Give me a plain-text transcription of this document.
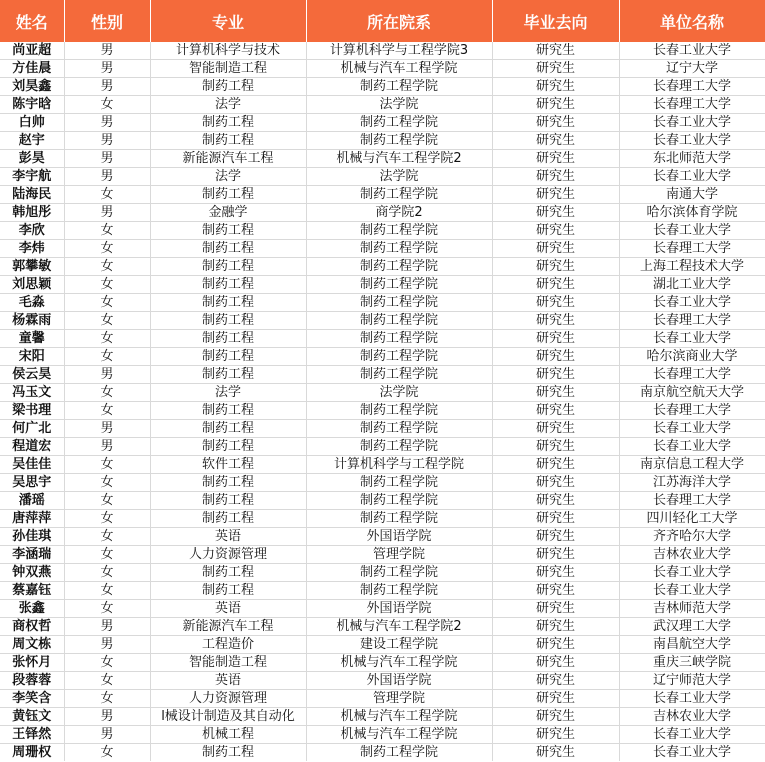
姓名	性别	专业	所在院系	毕业去向	单位名称
尚亚超	男	计算机科学与技术	计算机科学与工程学院3	研究生	长春工业大学
方佳晨	男	智能制造工程	机械与汽车工程学院	研究生	辽宁大学
刘昊鑫	男	制药工程	制药工程学院	研究生	长春理工大学
陈宇晗	女	法学	法学院	研究生	长春理工大学
白帅	男	制药工程	制药工程学院	研究生	长春工业大学
赵宇	男	制药工程	制药工程学院	研究生	长春工业大学
彭昊	男	新能源汽车工程	机械与汽车工程学院2	研究生	东北师范大学
李宇航	男	法学	法学院	研究生	长春工业大学
陆海民	女	制药工程	制药工程学院	研究生	南通大学
韩旭彤	男	金融学	商学院2	研究生	哈尔滨体育学院
李欣	女	制药工程	制药工程学院	研究生	长春工业大学
李炜	女	制药工程	制药工程学院	研究生	长春理工大学
郭攀敏	女	制药工程	制药工程学院	研究生	上海工程技术大学
刘思颖	女	制药工程	制药工程学院	研究生	湖北工业大学
毛淼	女	制药工程	制药工程学院	研究生	长春工业大学
杨霖雨	女	制药工程	制药工程学院	研究生	长春理工大学
童馨	女	制药工程	制药工程学院	研究生	长春工业大学
宋阳	女	制药工程	制药工程学院	研究生	哈尔滨商业大学
侯云昊	男	制药工程	制药工程学院	研究生	长春理工大学
冯玉文	女	法学	法学院	研究生	南京航空航天大学
梁书理	女	制药工程	制药工程学院	研究生	长春理工大学
何广北	男	制药工程	制药工程学院	研究生	长春工业大学
程道宏	男	制药工程	制药工程学院	研究生	长春工业大学
吴佳佳	女	软件工程	计算机科学与工程学院	研究生	南京信息工程大学
吴思宇	女	制药工程	制药工程学院	研究生	江苏海洋大学
潘瑶	女	制药工程	制药工程学院	研究生	长春理工大学
唐萍萍	女	制药工程	制药工程学院	研究生	四川轻化工大学
孙佳琪	女	英语	外国语学院	研究生	齐齐哈尔大学
李涵瑞	女	人力资源管理	管理学院	研究生	吉林农业大学
钟双燕	女	制药工程	制药工程学院	研究生	长春工业大学
蔡嘉钰	女	制药工程	制药工程学院	研究生	长春工业大学
张鑫	女	英语	外国语学院	研究生	吉林师范大学
商权哲	男	新能源汽车工程	机械与汽车工程学院2	研究生	武汉理工大学
周文栋	男	工程造价	建设工程学院	研究生	南昌航空大学
张怀月	女	智能制造工程	机械与汽车工程学院	研究生	重庆三峡学院
段蓉蓉	女	英语	外国语学院	研究生	辽宁师范大学
李笑含	女	人力资源管理	管理学院	研究生	长春工业大学
黄钰文	男	l械设计制造及其自动化	机械与汽车工程学院	研究生	吉林农业大学
王铎然	男	机械工程	机械与汽车工程学院	研究生	长春工业大学
周珊权	女	制药工程	制药工程学院	研究生	长春工业大学
